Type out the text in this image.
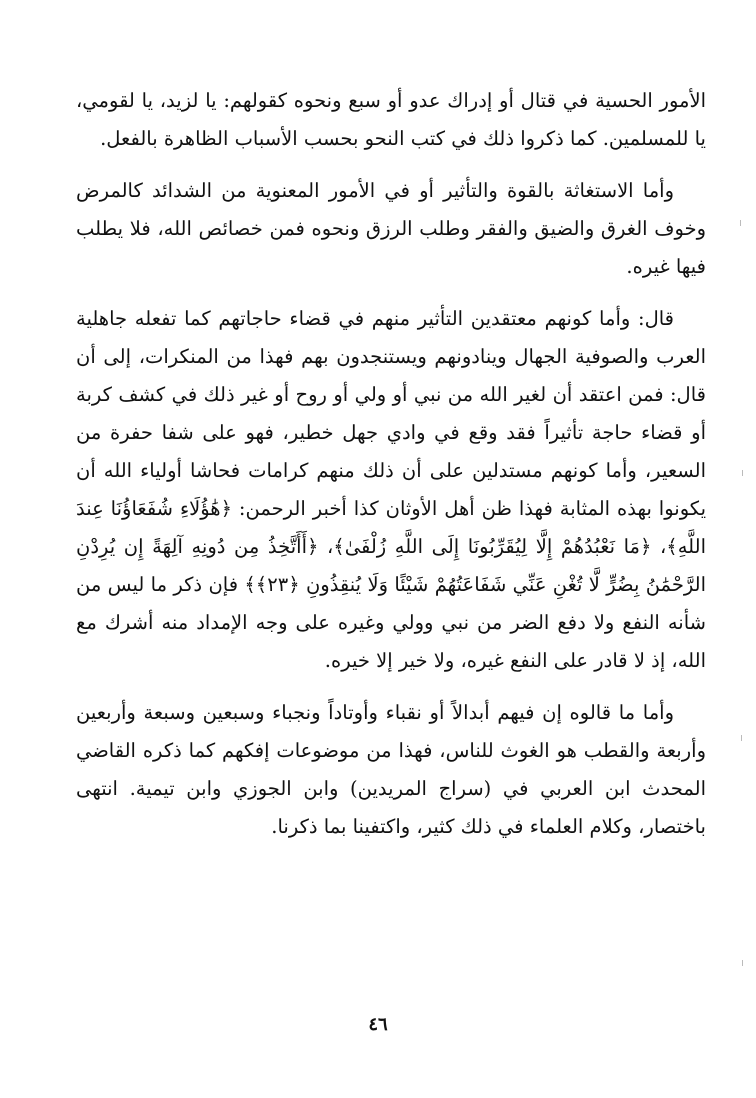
الأمور الحسية في قتال أو إدراك عدو أو سبع ونحوه كقولهم: يا لزيد، يا لقومي، يا للمسلمين. كما ذكروا ذلك في كتب النحو بحسب الأسباب الظاهرة بالفعل.

وأما الاستغاثة بالقوة والتأثير أو في الأمور المعنوية من الشدائد كالمرض وخوف الغرق والضيق والفقر وطلب الرزق ونحوه فمن خصائص الله، فلا يطلب فيها غيره.

قال: وأما كونهم معتقدين التأثير منهم في قضاء حاجاتهم كما تفعله جاهلية العرب والصوفية الجهال وينادونهم ويستنجدون بهم فهذا من المنكرات، إلى أن قال: فمن اعتقد أن لغير الله من نبي أو ولي أو روح أو غير ذلك في كشف كربة أو قضاء حاجة تأثيراً فقد وقع في وادي جهل خطير، فهو على شفا حفرة من السعير، وأما كونهم مستدلين على أن ذلك منهم كرامات فحاشا أولياء الله أن يكونوا بهذه المثابة فهذا ظن أهل الأوثان كذا أخبر الرحمن: ﴿هَٰؤُلَاءِ شُفَعَاؤُنَا عِندَ اللَّهِ﴾، ﴿مَا نَعْبُدُهُمْ إِلَّا لِيُقَرِّبُونَا إِلَى اللَّهِ زُلْفَىٰ﴾، ﴿أَأَتَّخِذُ مِن دُونِهِ آلِهَةً إِن يُرِدْنِ الرَّحْمَٰنُ بِضُرٍّ لَّا تُغْنِ عَنِّي شَفَاعَتُهُمْ شَيْئًا وَلَا يُنقِذُونِ ﴿٢٣﴾﴾ فإن ذكر ما ليس من شأنه النفع ولا دفع الضر من نبي وولي وغيره على وجه الإمداد منه أشرك مع الله، إذ لا قادر على النفع غيره، ولا خير إلا خيره.

وأما ما قالوه إن فيهم أبدالاً أو نقباء وأوتاداً ونجباء وسبعين وسبعة وأربعين وأربعة والقطب هو الغوث للناس، فهذا من موضوعات إفكهم كما ذكره القاضي المحدث ابن العربي في (سراج المريدين) وابن الجوزي وابن تيمية. انتهى باختصار، وكلام العلماء في ذلك كثير، واكتفينا بما ذكرنا.

٤٦
